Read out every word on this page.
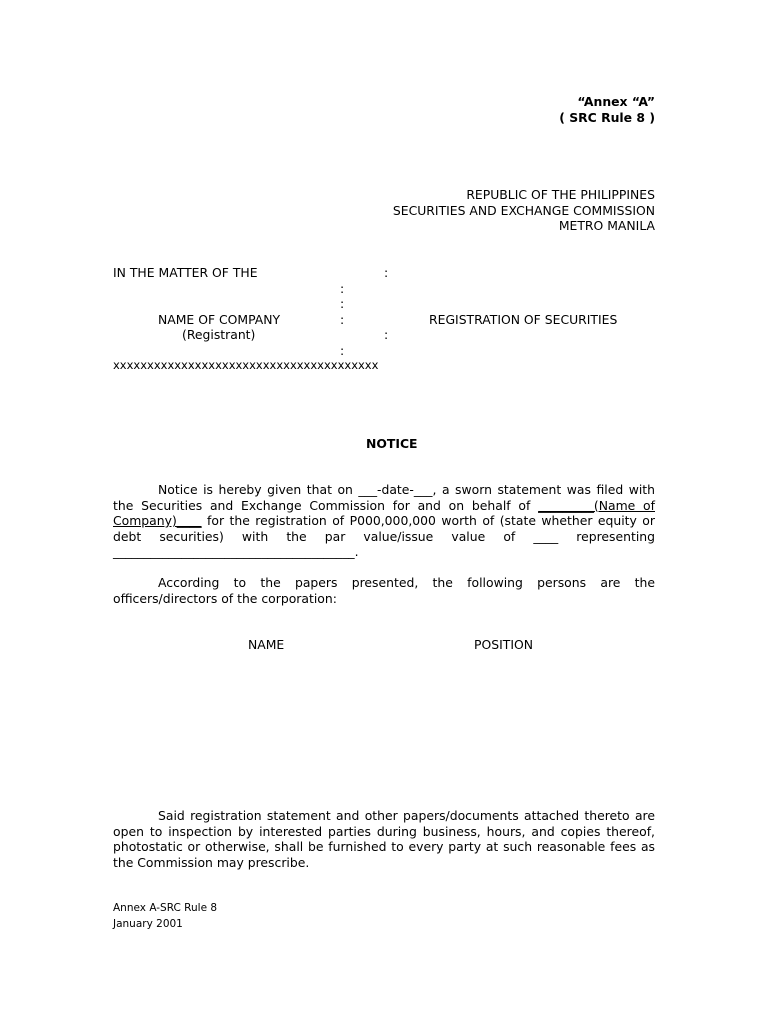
“Annex “A”
( SRC Rule 8 )
REPUBLIC OF THE PHILIPPINES
SECURITIES AND EXCHANGE COMMISSION
METRO MANILA
IN THE MATTER OF THE	:
:
:
NAME OF COMPANY	:	REGISTRATION OF SECURITIES
(Registrant)	:
:
xxxxxxxxxxxxxxxxxxxxxxxxxxxxxxxxxxxxxxx
NOTICE

Notice is hereby given that on ___-date-___, a sworn statement was filed with the Securities and Exchange Commission for and on behalf of _________(Name of Company)____ for the registration of P000,000,000 worth of (state whether equity or debt securities) with the par value/issue value of ____ representing _______________________________________.

According to the papers presented, the following persons are the officers/directors of the corporation:

NAME	POSITION

Said registration statement and other papers/documents attached thereto are open to inspection by interested parties during business, hours, and copies thereof, photostatic or otherwise, shall be furnished to every party at such reasonable fees as the Commission may prescribe.

Annex A-SRC Rule 8
January 2001
